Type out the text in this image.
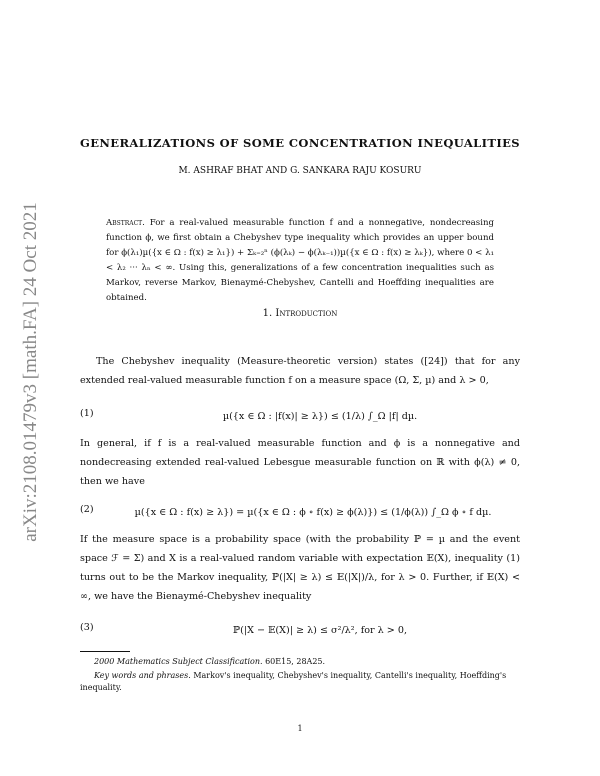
arXiv:2108.01479v3 [math.FA] 24 Oct 2021
GENERALIZATIONS OF SOME CONCENTRATION INEQUALITIES
M. ASHRAF BHAT AND G. SANKARA RAJU KOSURU
Abstract. For a real-valued measurable function f and a nonnegative, nondecreasing function ϕ, we first obtain a Chebyshev type inequality which provides an upper bound for ϕ(λ₁)µ({x ∈ Ω : f(x) ≥ λ₁}) + Σₖ₌₂ⁿ (ϕ(λₖ) − ϕ(λₖ₋₁))µ({x ∈ Ω : f(x) ≥ λₖ}), where 0 < λ₁ < λ₂ ··· λₙ < ∞. Using this, generalizations of a few concentration inequalities such as Markov, reverse Markov, Bienaymé-Chebyshev, Cantelli and Hoeffding inequalities are obtained.
1. Introduction
The Chebyshev inequality (Measure-theoretic version) states ([24]) that for any extended real-valued measurable function f on a measure space (Ω, Σ, µ) and λ > 0,
(1)	µ({x ∈ Ω : |f(x)| ≥ λ}) ≤ (1/λ) ∫_Ω |f| dµ.
In general, if f is a real-valued measurable function and ϕ is a nonnegative and nondecreasing extended real-valued Lebesgue measurable function on ℝ with ϕ(λ) ≠ 0, then we have
(2)	µ({x ∈ Ω : f(x) ≥ λ}) = µ({x ∈ Ω : ϕ ∘ f(x) ≥ ϕ(λ)}) ≤ (1/ϕ(λ)) ∫_Ω ϕ ∘ f dµ.
If the measure space is a probability space (with the probability ℙ = µ and the event space ℱ = Σ) and X is a real-valued random variable with expectation 𝔼(X), inequality (1) turns out to be the Markov inequality, ℙ(|X| ≥ λ) ≤ 𝔼(|X|)/λ, for λ > 0. Further, if 𝔼(X) < ∞, we have the Bienaymé-Chebyshev inequality
(3)	ℙ(|X − 𝔼(X)| ≥ λ) ≤ σ²/λ², for λ > 0,
2000 Mathematics Subject Classification. 60E15, 28A25.
Key words and phrases. Markov's inequality, Chebyshev's inequality, Cantelli's inequality, Hoeffding's inequality.
1
